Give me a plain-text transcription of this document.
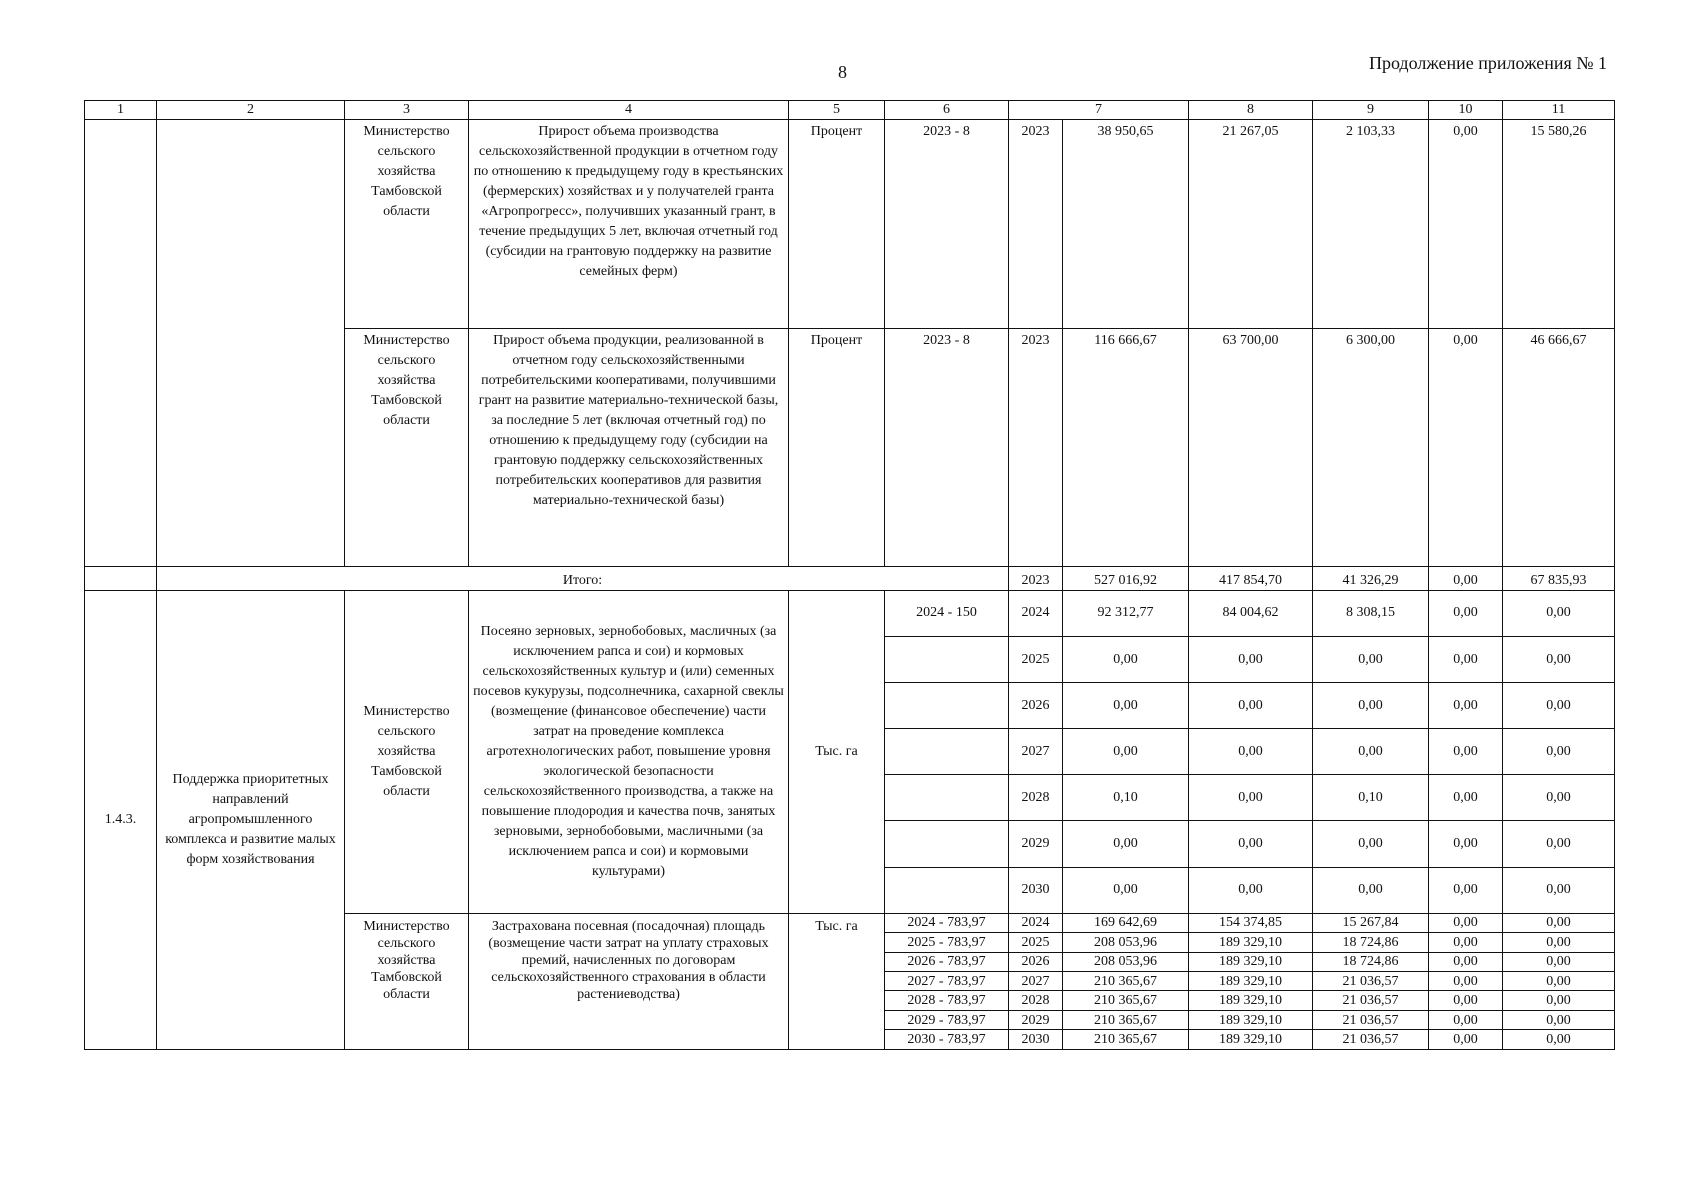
8	Продолжение приложения № 1
1	2	3	4	5	6	7		8	9	10	11
		Министерство сельского хозяйства Тамбовской области	Прирост объема производства сельскохозяйственной продукции в отчетном году по отношению к предыдущему году в крестьянских (фермерских) хозяйствах и у получателей гранта «Агропрогресс», получивших указанный грант, в течение предыдущих 5 лет, включая отчетный год (субсидии на грантовую поддержку на развитие семейных ферм)	Процент	2023 - 8	2023	38 950,65	21 267,05	2 103,33	0,00	15 580,26
		Министерство сельского хозяйства Тамбовской области	Прирост объема продукции, реализованной в отчетном году сельскохозяйственными потребительскими кооперативами, получившими грант на развитие материально-технической базы, за последние 5 лет (включая отчетный год) по отношению к предыдущему году (субсидии на грантовую поддержку сельскохозяйственных потребительских кооперативов для развития материально-технической базы)	Процент	2023 - 8	2023	116 666,67	63 700,00	6 300,00	0,00	46 666,67
	Итого:					2023	527 016,92	417 854,70	41 326,29	0,00	67 835,93
1.4.3.	Поддержка приоритетных направлений агропромышленного комплекса и развитие малых форм хозяйствования	Министерство сельского хозяйства Тамбовской области	Посеяно зерновых, зернобобовых, масличных (за исключением рапса и сои) и кормовых сельскохозяйственных культур и (или) семенных посевов кукурузы, подсолнечника, сахарной свеклы (возмещение (финансовое обеспечение) части затрат на проведение комплекса агротехнологических работ, повышение уровня экологической безопасности сельскохозяйственного производства, а также на повышение плодородия и качества почв, занятых зерновыми, зернобобовыми, масличными (за исключением рапса и сои) и кормовыми культурами)	Тыс. га	2024 - 150	2024	92 312,77	84 004,62	8 308,15	0,00	0,00
						2025	0,00	0,00	0,00	0,00	0,00
						2026	0,00	0,00	0,00	0,00	0,00
						2027	0,00	0,00	0,00	0,00	0,00
						2028	0,10	0,00	0,10	0,00	0,00
						2029	0,00	0,00	0,00	0,00	0,00
						2030	0,00	0,00	0,00	0,00	0,00
		Министерство сельского хозяйства Тамбовской области	Застрахована посевная (посадочная) площадь (возмещение части затрат на уплату страховых премий, начисленных по договорам сельскохозяйственного страхования в области растениеводства)	Тыс. га	2024 - 783,97	2024	169 642,69	154 374,85	15 267,84	0,00	0,00
					2025 - 783,97	2025	208 053,96	189 329,10	18 724,86	0,00	0,00
					2026 - 783,97	2026	208 053,96	189 329,10	18 724,86	0,00	0,00
					2027 - 783,97	2027	210 365,67	189 329,10	21 036,57	0,00	0,00
					2028 - 783,97	2028	210 365,67	189 329,10	21 036,57	0,00	0,00
					2029 - 783,97	2029	210 365,67	189 329,10	21 036,57	0,00	0,00
					2030 - 783,97	2030	210 365,67	189 329,10	21 036,57	0,00	0,00
